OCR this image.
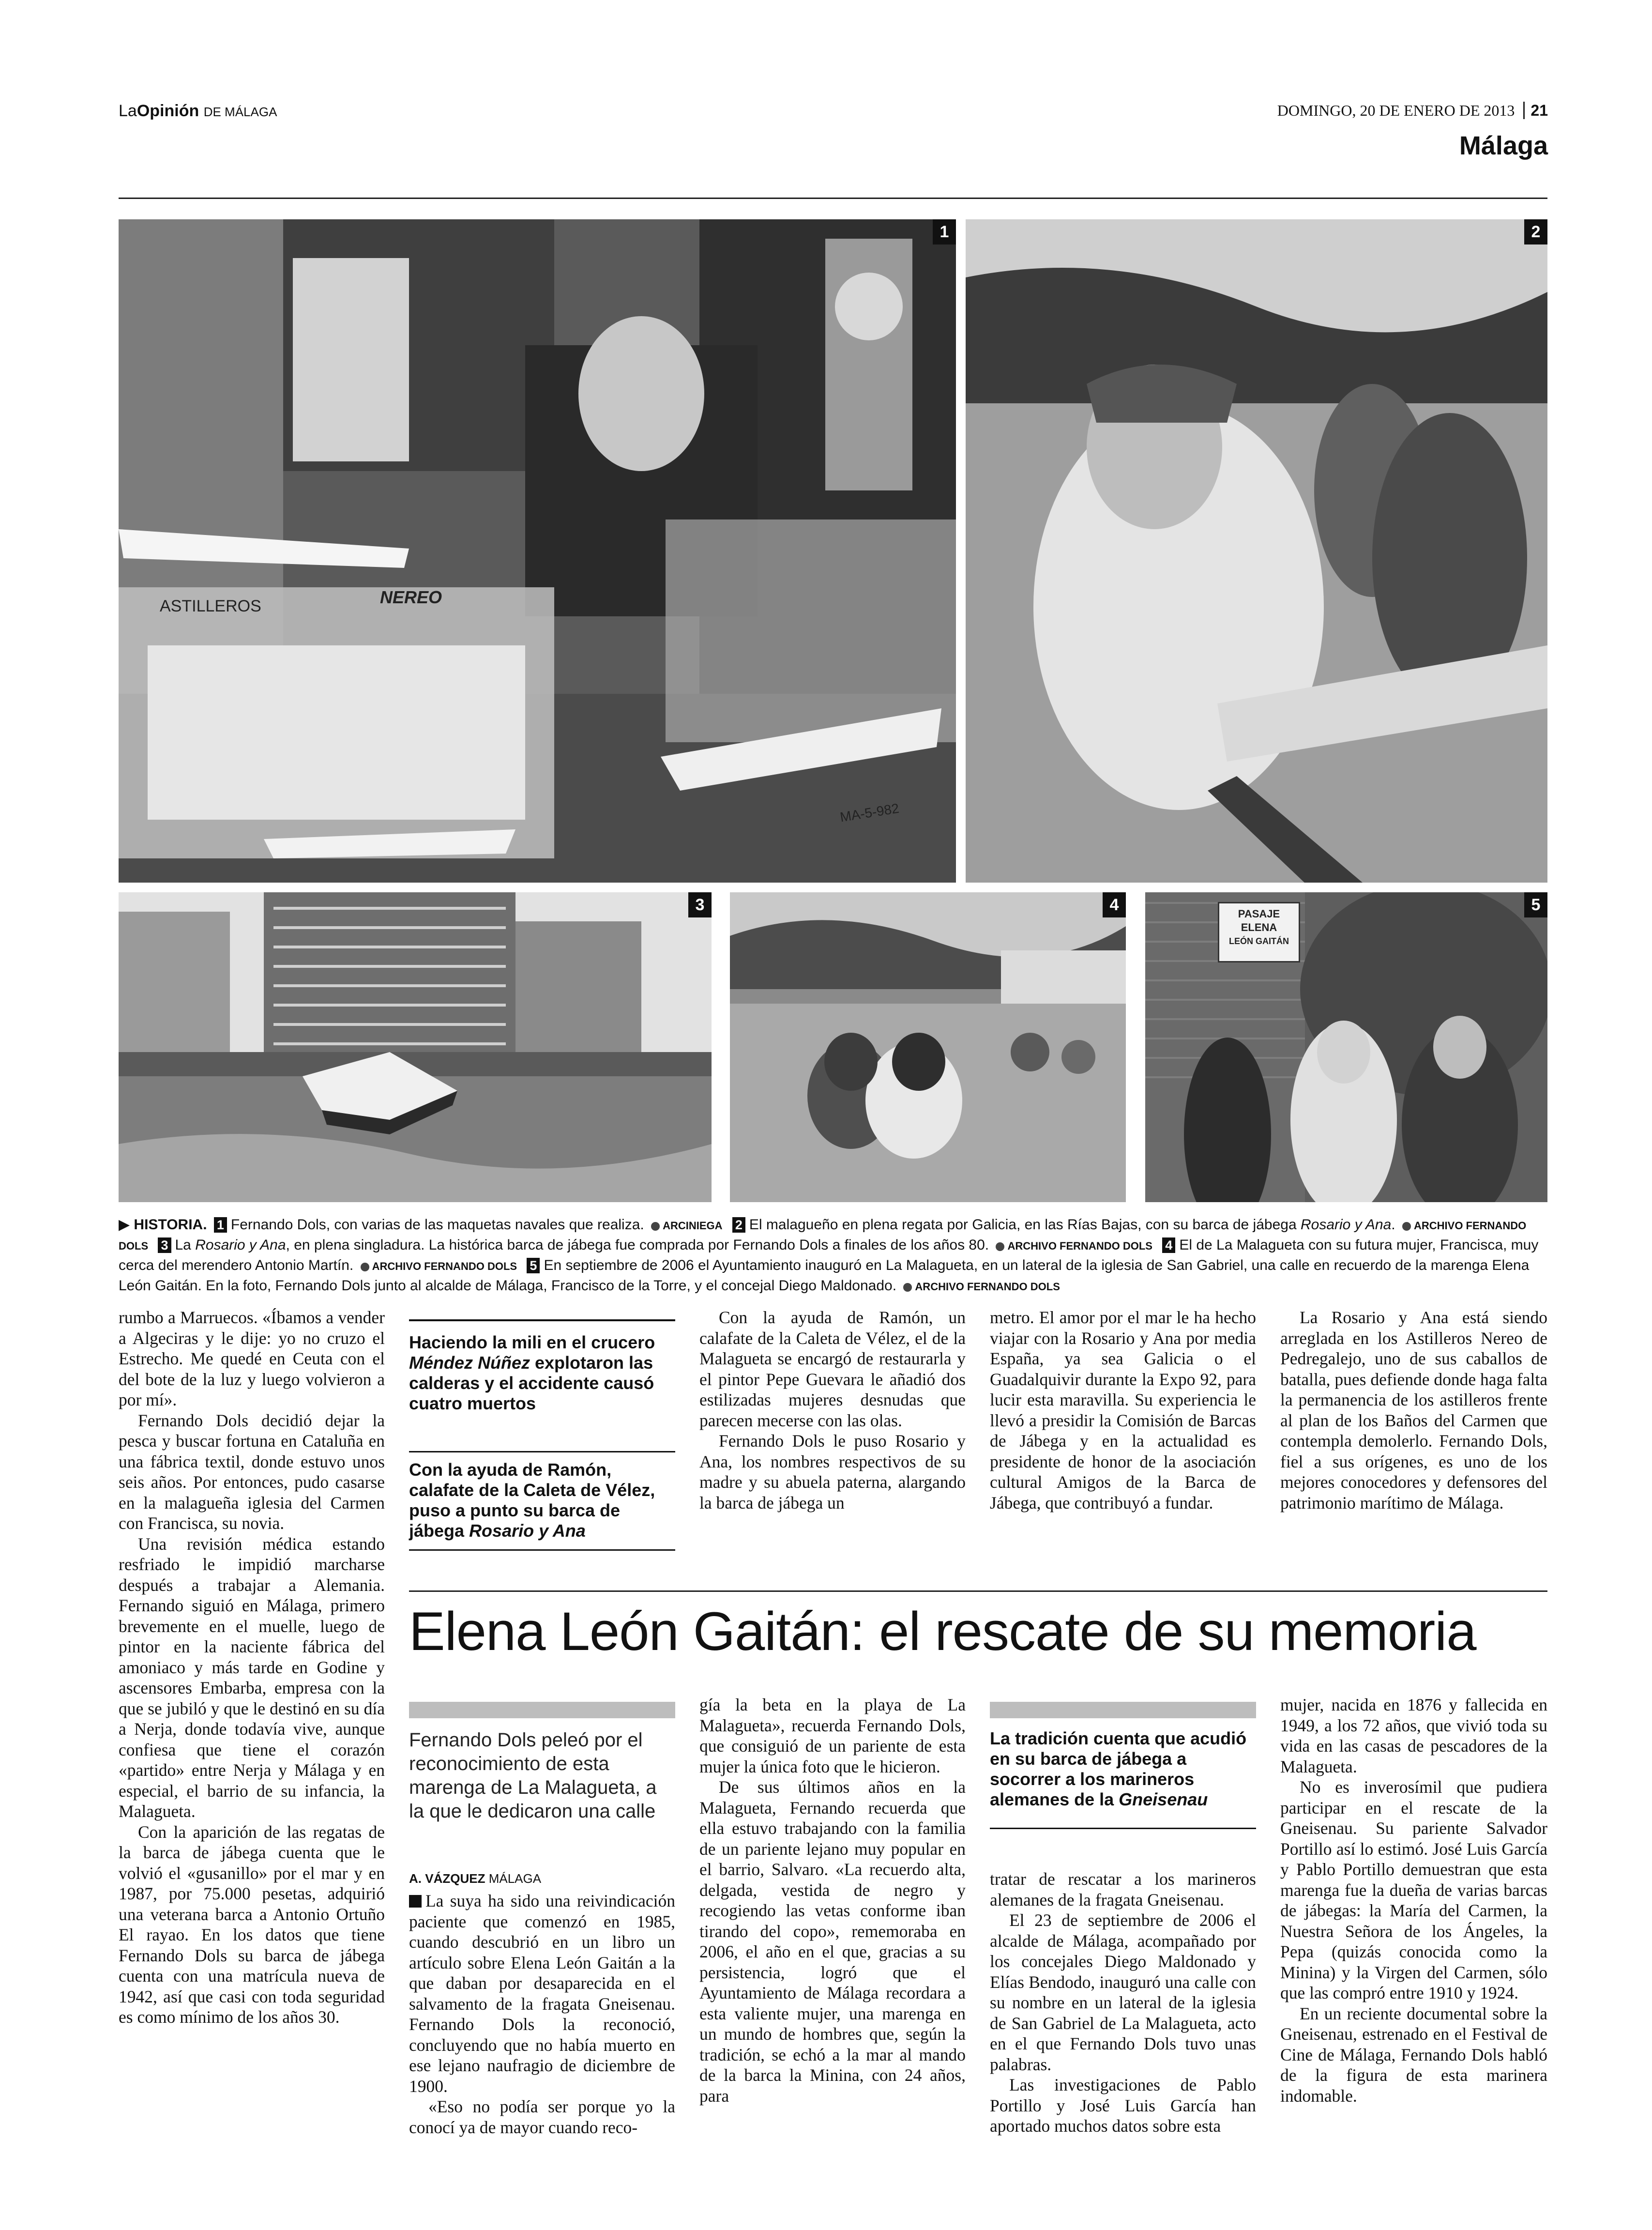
LaOpinión DE MÁLAGA	DOMINGO, 20 DE ENERO DE 2013 21
Málaga
ASTILLEROS	NEREO
MA-5-982
1	2
3	4	PASAJE
ELENA
LEÓN GAITÁN
5
▶ HISTORIA. 1 Fernando Dols, con varias de las maquetas navales que realiza. ARCINIEGA 2 El malagueño en plena regata por Galicia, en las Rías Bajas, con su barca de jábega Rosario y Ana. ARCHIVO FERNANDO DOLS 3 La Rosario y Ana, en plena singladura. La histórica barca de jábega fue comprada por Fernando Dols a finales de los años 80. ARCHIVO FERNANDO DOLS 4 El de La Malagueta con su futura mujer, Francisca, muy cerca del merendero Antonio Martín. ARCHIVO FERNANDO DOLS 5 En septiembre de 2006 el Ayuntamiento inauguró en La Malagueta, en un lateral de la iglesia de San Gabriel, una calle en recuerdo de la marenga Elena León Gaitán. En la foto, Fernando Dols junto al alcalde de Málaga, Francisco de la Torre, y el concejal Diego Maldonado. ARCHIVO FERNANDO DOLS

rumbo a Marruecos. «Íbamos a vender a Algeciras y le dije: yo no cruzo el Estrecho. Me quedé en Ceuta con el del bote de la luz y luego volvieron a por mí».

Fernando Dols decidió dejar la pesca y buscar fortuna en Cataluña en una fábrica textil, donde estuvo unos seis años. Por entonces, pudo casarse en la malagueña iglesia del Carmen con Francisca, su novia.

Una revisión médica estando resfriado le impidió marcharse después a trabajar a Alemania. Fernando siguió en Málaga, primero brevemente en el muelle, luego de pintor en la naciente fábrica del amoniaco y más tarde en Godine y ascensores Embarba, empresa con la que se jubiló y que le destinó en su día a Nerja, donde todavía vive, aunque confiesa que tiene el corazón «partido» entre Nerja y Málaga y en especial, el barrio de su infancia, la Malagueta.

Con la aparición de las regatas de la barca de jábega cuenta que le volvió el «gusanillo» por el mar y en 1987, por 75.000 pesetas, adquirió una veterana barca a Antonio Ortuño El rayao. En los datos que tiene Fernando Dols su barca de jábega cuenta con una matrícula nueva de 1942, así que casi con toda seguridad es como mínimo de los años 30.

Haciendo la mili en el crucero Méndez Núñez explotaron las calderas y el accidente causó cuatro muertos
Con la ayuda de Ramón, calafate de la Caleta de Vélez, puso a punto su barca de jábega Rosario y Ana

Con la ayuda de Ramón, un calafate de la Caleta de Vélez, el de la Malagueta se encargó de restaurarla y el pintor Pepe Guevara le añadió dos estilizadas mujeres desnudas que parecen mecerse con las olas.

Fernando Dols le puso Rosario y Ana, los nombres respectivos de su madre y su abuela paterna, alargando la barca de jábega un

metro. El amor por el mar le ha hecho viajar con la Rosario y Ana por media España, ya sea Galicia o el Guadalquivir durante la Expo 92, para lucir esta maravilla. Su experiencia le llevó a presidir la Comisión de Barcas de Jábega y en la actualidad es presidente de honor de la asociación cultural Amigos de la Barca de Jábega, que contribuyó a fundar.

La Rosario y Ana está siendo arreglada en los Astilleros Nereo de Pedregalejo, uno de sus caballos de batalla, pues defiende donde haga falta la permanencia de los astilleros frente al plan de los Baños del Carmen que contempla demolerlo. Fernando Dols, fiel a sus orígenes, es uno de los mejores conocedores y defensores del patrimonio marítimo de Málaga.

Elena León Gaitán: el rescate de su memoria
Fernando Dols peleó por el reconocimiento de esta marenga de La Malagueta, a la que le dedicaron una calle
A. VÁZQUEZ MÁLAGA

La suya ha sido una reivindicación paciente que comenzó en 1985, cuando descubrió en un libro un artículo sobre Elena León Gaitán a la que daban por desaparecida en el salvamento de la fragata Gneisenau. Fernando Dols la reconoció, concluyendo que no había muerto en ese lejano naufragio de diciembre de 1900.

«Eso no podía ser porque yo la conocí ya de mayor cuando reco-

gía la beta en la playa de La Malagueta», recuerda Fernando Dols, que consiguió de un pariente de esta mujer la única foto que le hicieron.

De sus últimos años en la Malagueta, Fernando recuerda que ella estuvo trabajando con la familia de un pariente lejano muy popular en el barrio, Salvaro. «La recuerdo alta, delgada, vestida de negro y recogiendo las vetas conforme iban tirando del copo», rememoraba en 2006, el año en el que, gracias a su persistencia, logró que el Ayuntamiento de Málaga recordara a esta valiente mujer, una marenga en un mundo de hombres que, según la tradición, se echó a la mar al mando de la barca la Minina, con 24 años, para

La tradición cuenta que acudió en su barca de jábega a socorrer a los marineros alemanes de la Gneisenau

tratar de rescatar a los marineros alemanes de la fragata Gneisenau.

El 23 de septiembre de 2006 el alcalde de Málaga, acompañado por los concejales Diego Maldonado y Elías Bendodo, inauguró una calle con su nombre en un lateral de la iglesia de San Gabriel de La Malagueta, acto en el que Fernando Dols tuvo unas palabras.

Las investigaciones de Pablo Portillo y José Luis García han aportado muchos datos sobre esta

mujer, nacida en 1876 y fallecida en 1949, a los 72 años, que vivió toda su vida en las casas de pescadores de la Malagueta.

No es inverosímil que pudiera participar en el rescate de la Gneisenau. Su pariente Salvador Portillo así lo estimó. José Luis García y Pablo Portillo demuestran que esta marenga fue la dueña de varias barcas de jábegas: la María del Carmen, la Nuestra Señora de los Ángeles, la Pepa (quizás conocida como la Minina) y la Virgen del Carmen, sólo que las compró entre 1910 y 1924.

En un reciente documental sobre la Gneisenau, estrenado en el Festival de Cine de Málaga, Fernando Dols habló de la figura de esta marinera indomable.
